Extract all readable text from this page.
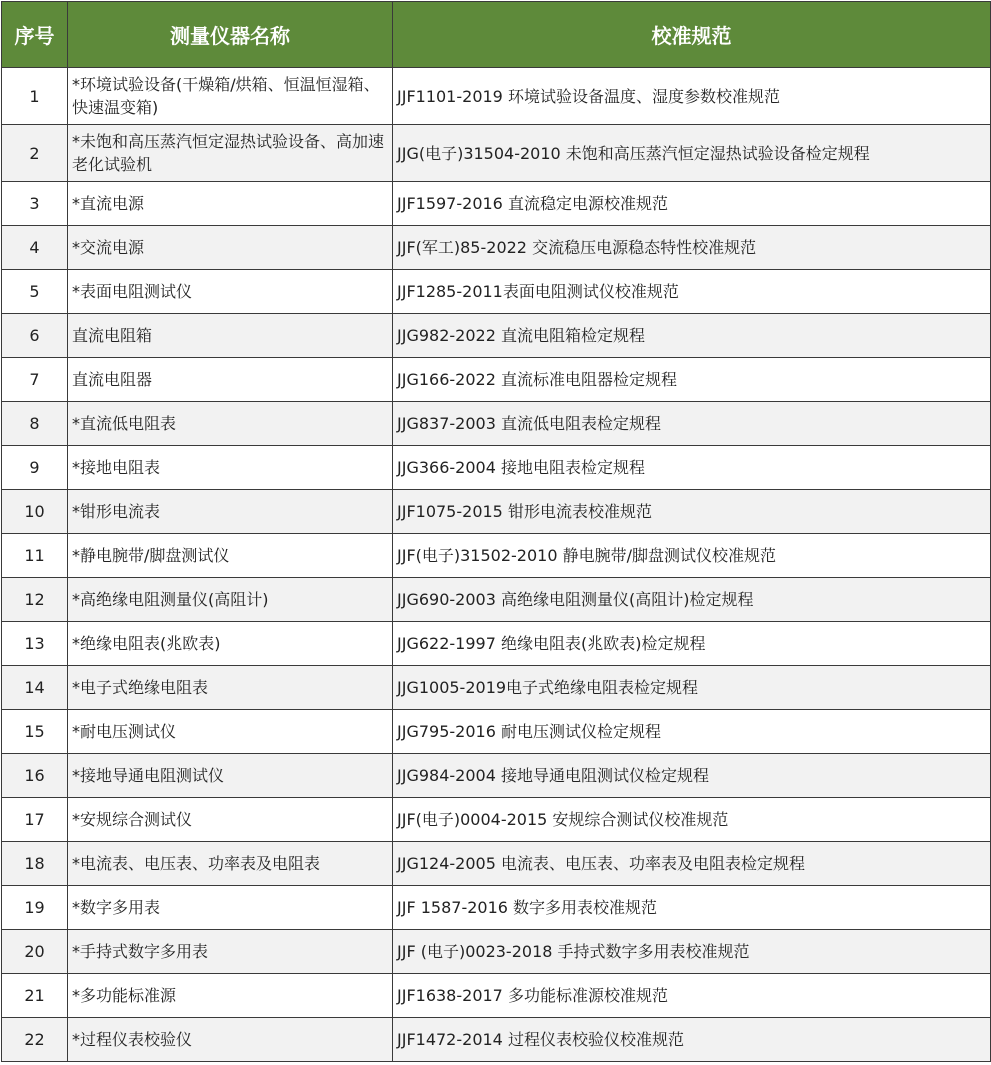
序号	测量仪器名称	校准规范
1	*环境试验设备(干燥箱/烘箱、恒温恒湿箱、快速温变箱)	JJF1101-2019 环境试验设备温度、湿度参数校准规范
2	*未饱和高压蒸汽恒定湿热试验设备、高加速老化试验机	JJG(电子)31504-2010 未饱和高压蒸汽恒定湿热试验设备检定规程
3	*直流电源	JJF1597-2016 直流稳定电源校准规范
4	*交流电源	JJF(军工)85-2022 交流稳压电源稳态特性校准规范
5	*表面电阻测试仪	JJF1285-2011表面电阻测试仪校准规范
6	直流电阻箱	JJG982-2022 直流电阻箱检定规程
7	直流电阻器	JJG166-2022 直流标准电阻器检定规程
8	*直流低电阻表	JJG837-2003 直流低电阻表检定规程
9	*接地电阻表	JJG366-2004 接地电阻表检定规程
10	*钳形电流表	JJF1075-2015 钳形电流表校准规范
11	*静电腕带/脚盘测试仪	JJF(电子)31502-2010 静电腕带/脚盘测试仪校准规范
12	*高绝缘电阻测量仪(高阻计)	JJG690-2003 高绝缘电阻测量仪(高阻计)检定规程
13	*绝缘电阻表(兆欧表)	JJG622-1997 绝缘电阻表(兆欧表)检定规程
14	*电子式绝缘电阻表	JJG1005-2019电子式绝缘电阻表检定规程
15	*耐电压测试仪	JJG795-2016 耐电压测试仪检定规程
16	*接地导通电阻测试仪	JJG984-2004 接地导通电阻测试仪检定规程
17	*安规综合测试仪	JJF(电子)0004-2015 安规综合测试仪校准规范
18	*电流表、电压表、功率表及电阻表	JJG124-2005 电流表、电压表、功率表及电阻表检定规程
19	*数字多用表	JJF 1587-2016 数字多用表校准规范
20	*手持式数字多用表	JJF (电子)0023-2018 手持式数字多用表校准规范
21	*多功能标准源	JJF1638-2017 多功能标准源校准规范
22	*过程仪表校验仪	JJF1472-2014 过程仪表校验仪校准规范
